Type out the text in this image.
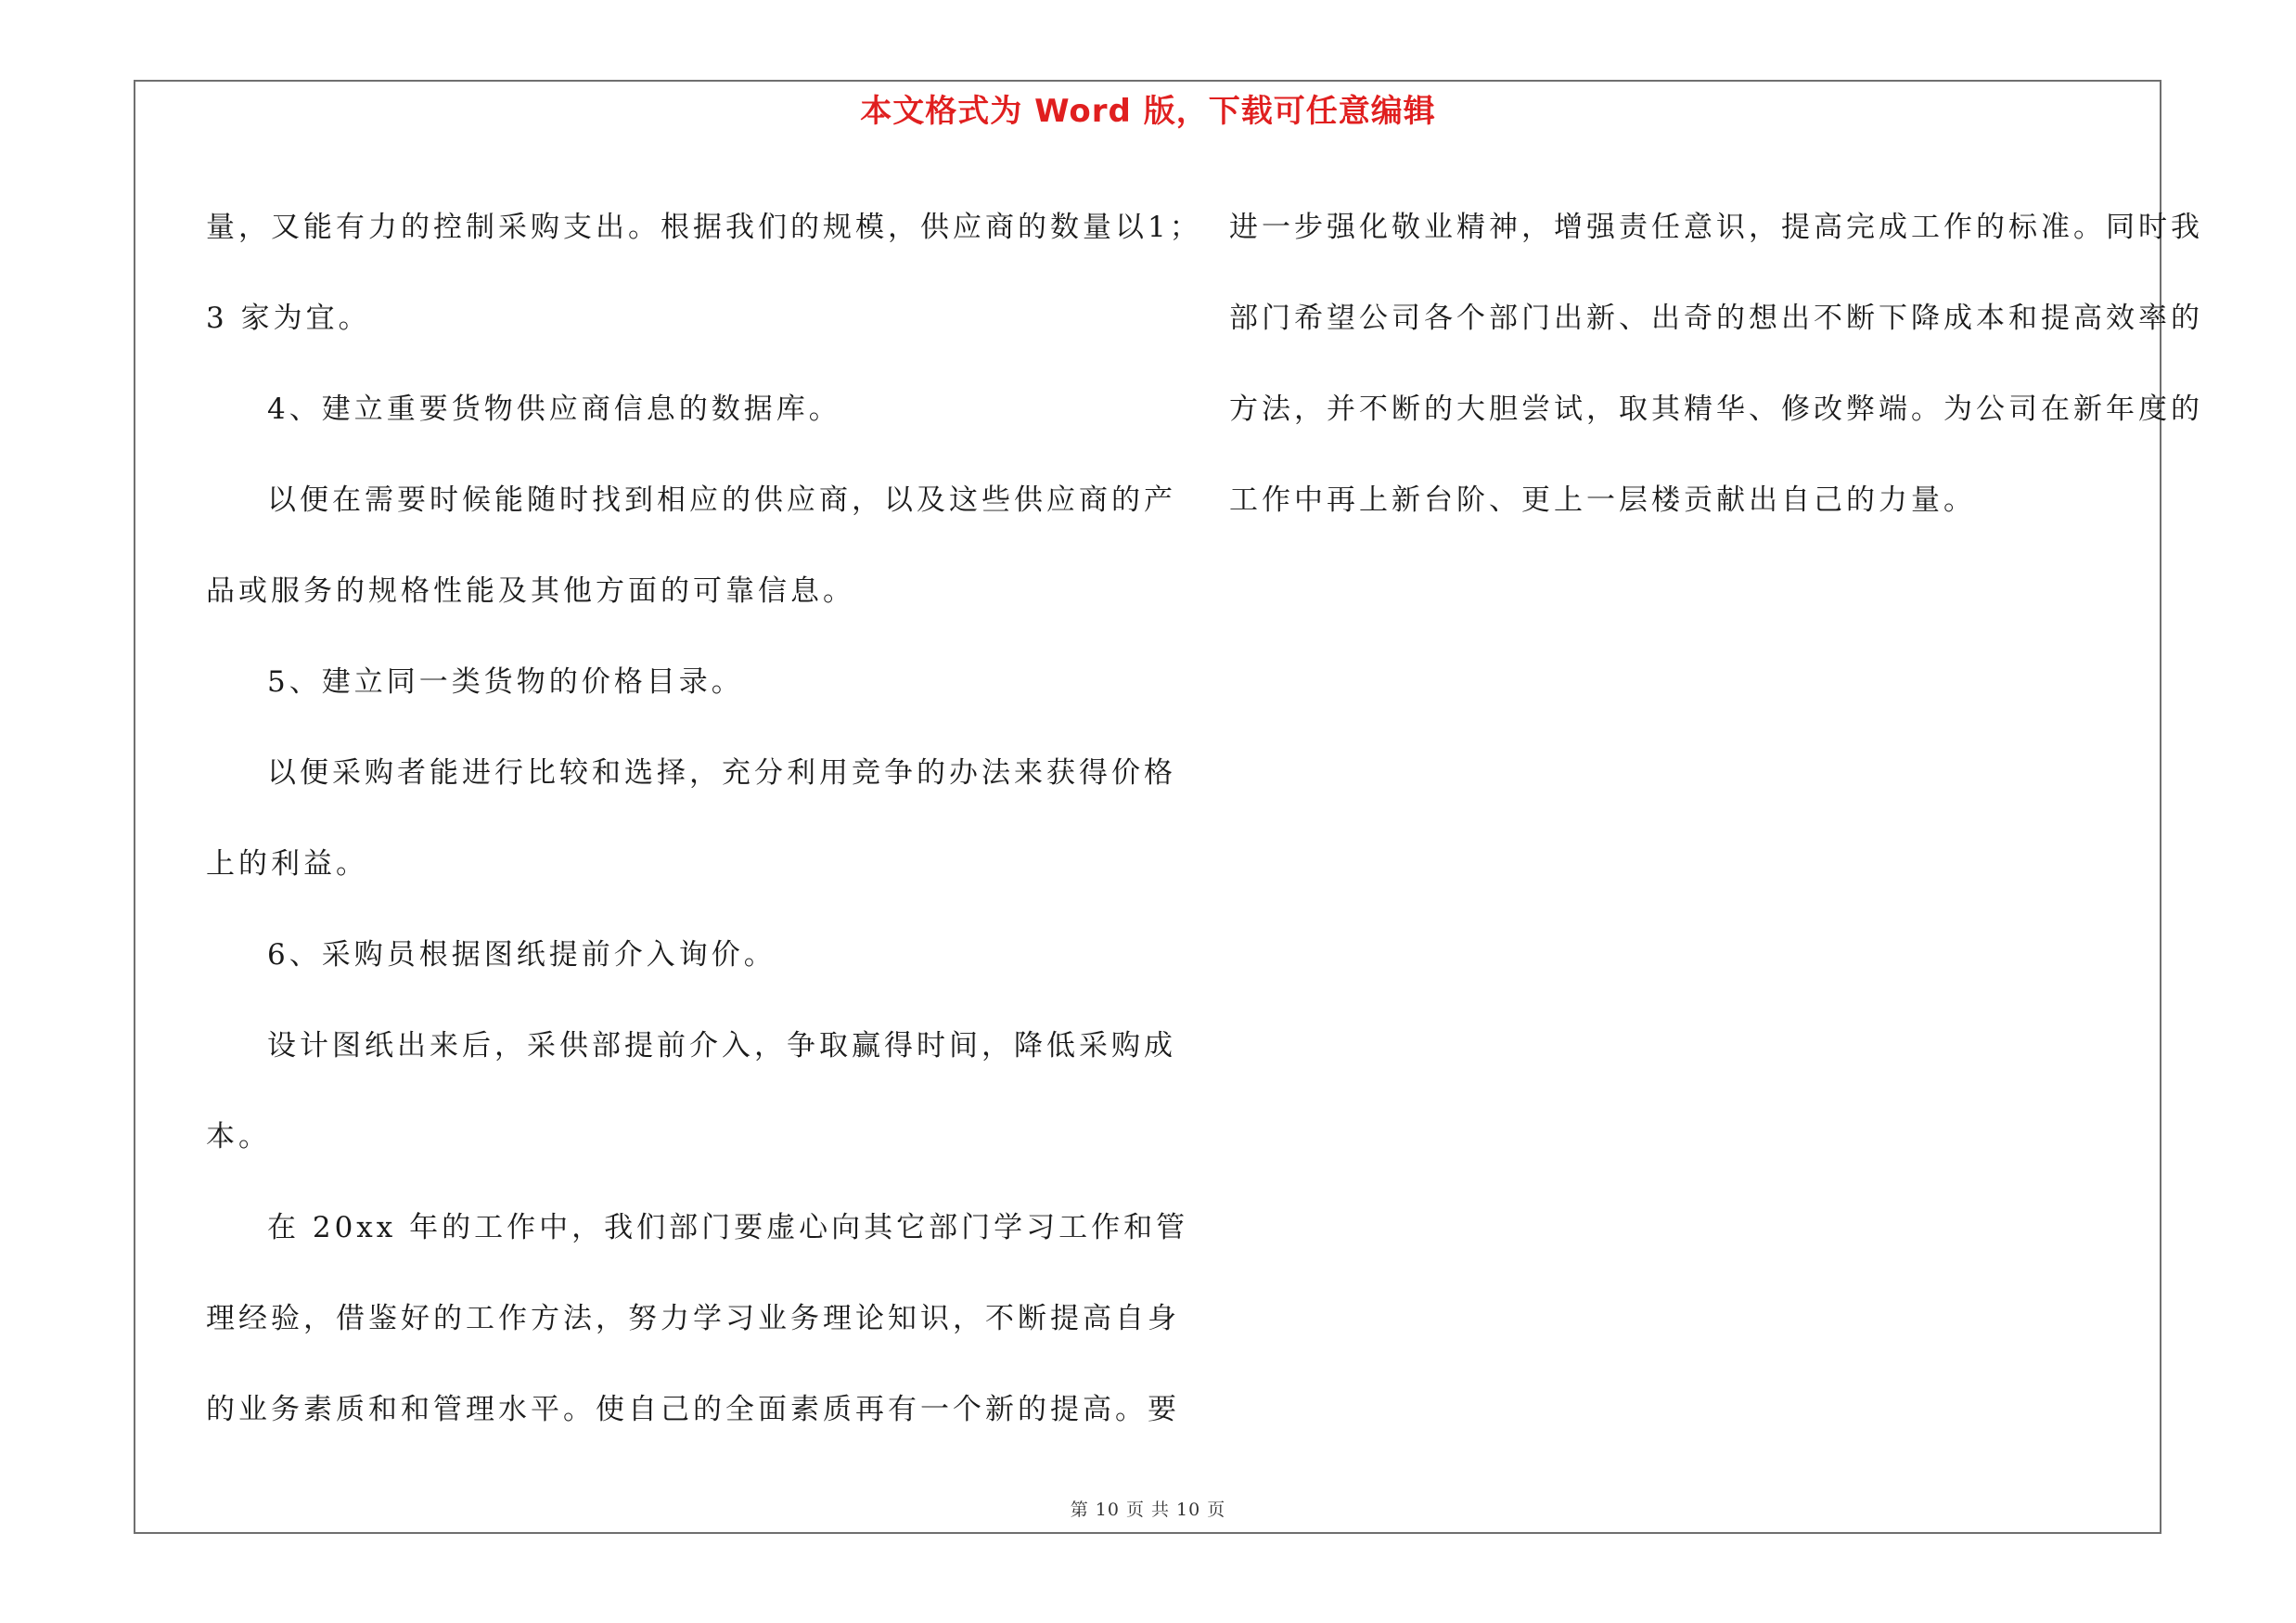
本文格式为 Word 版，下载可任意编辑

量，又能有力的控制采购支出。根据我们的规模，供应商的数量以1；

3 家为宜。

4、建立重要货物供应商信息的数据库。

以便在需要时候能随时找到相应的供应商，以及这些供应商的产

品或服务的规格性能及其他方面的可靠信息。

5、建立同一类货物的价格目录。

以便采购者能进行比较和选择，充分利用竞争的办法来获得价格

上的利益。

6、采购员根据图纸提前介入询价。

设计图纸出来后，采供部提前介入，争取赢得时间，降低采购成

本。

在 20xx 年的工作中，我们部门要虚心向其它部门学习工作和管

理经验，借鉴好的工作方法，努力学习业务理论知识，不断提高自身

的业务素质和和管理水平。使自己的全面素质再有一个新的提高。要

进一步强化敬业精神，增强责任意识，提高完成工作的标准。同时我

部门希望公司各个部门出新、出奇的想出不断下降成本和提高效率的

方法，并不断的大胆尝试，取其精华、修改弊端。为公司在新年度的

工作中再上新台阶、更上一层楼贡献出自己的力量。

第 10 页 共 10 页
